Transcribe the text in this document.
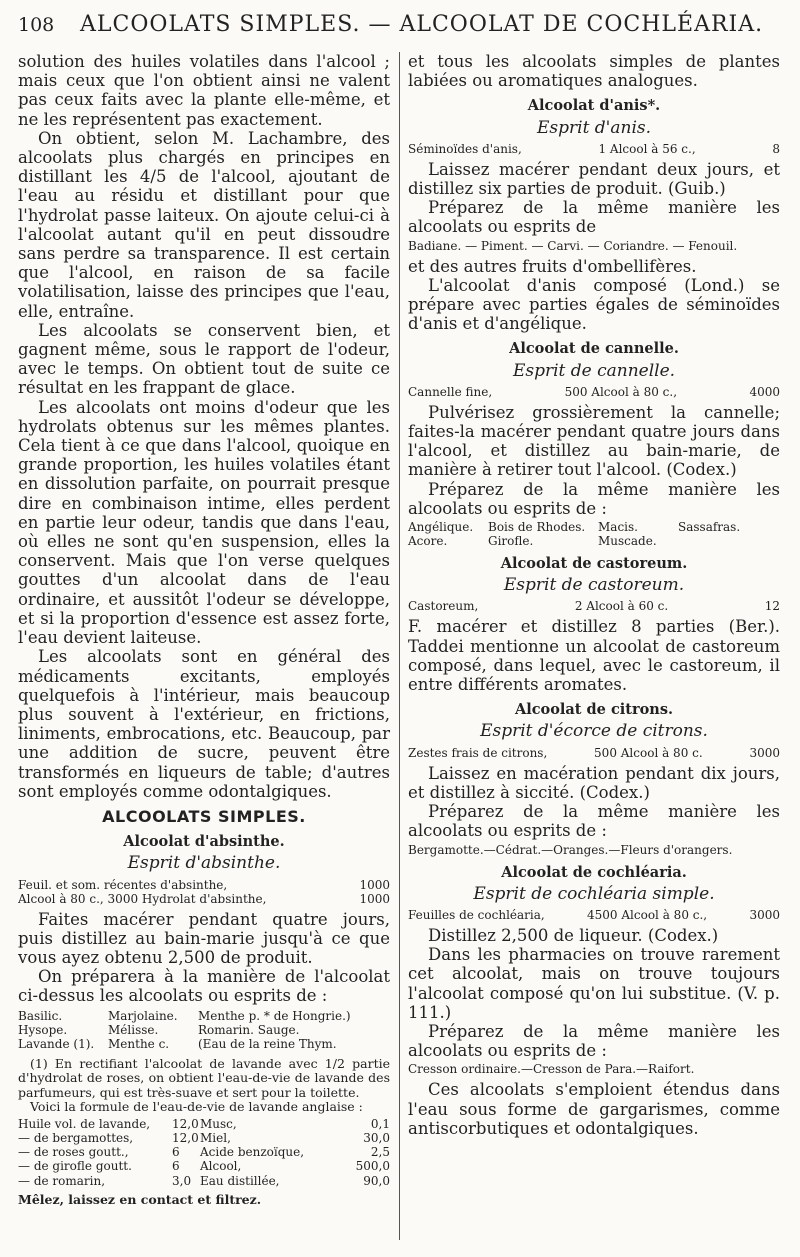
108 ALCOOLATS SIMPLES. — ALCOOLAT DE COCHLÉARIA.

solution des huiles volatiles dans l'alcool ; mais ceux que l'on obtient ainsi ne valent pas ceux faits avec la plante elle-même, et ne les représentent pas exactement.

On obtient, selon M. Lachambre, des alcoolats plus chargés en principes en distillant les 4/5 de l'alcool, ajoutant de l'eau au résidu et distillant pour que l'hydrolat passe laiteux. On ajoute celui-ci à l'alcoolat autant qu'il en peut dissoudre sans perdre sa transparence. Il est certain que l'alcool, en raison de sa facile volatilisation, laisse des principes que l'eau, elle, entraîne.

Les alcoolats se conservent bien, et gagnent même, sous le rapport de l'odeur, avec le temps. On obtient tout de suite ce résultat en les frappant de glace.

Les alcoolats ont moins d'odeur que les hydrolats obtenus sur les mêmes plantes. Cela tient à ce que dans l'alcool, quoique en grande proportion, les huiles volatiles étant en dissolution parfaite, on pourrait presque dire en combinaison intime, elles perdent en partie leur odeur, tandis que dans l'eau, où elles ne sont qu'en suspension, elles la conservent. Mais que l'on verse quelques gouttes d'un alcoolat dans de l'eau ordinaire, et aussitôt l'odeur se développe, et si la proportion d'essence est assez forte, l'eau devient laiteuse.

Les alcoolats sont en général des médicaments excitants, employés quelquefois à l'intérieur, mais beaucoup plus souvent à l'extérieur, en frictions, liniments, embrocations, etc. Beaucoup, par une addition de sucre, peuvent être transformés en liqueurs de table; d'autres sont employés comme odontalgiques.

ALCOOLATS SIMPLES.
Alcoolat d'absinthe.
Esprit d'absinthe.
Feuil. et som. récentes d'absinthe,	1000
Alcool à 80 c., 3000 Hydrolat d'absinthe,	1000

Faites macérer pendant quatre jours, puis distillez au bain-marie jusqu'à ce que vous ayez obtenu 2,500 de produit.

On préparera à la manière de l'alcoolat ci-dessus les alcoolats ou esprits de :

Basilic.	Marjolaine.	Menthe p. * de Hongrie.)
Hysope.	Mélisse.	Romarin. Sauge.
Lavande (1).	Menthe c.	(Eau de la reine Thym.

(1) En rectifiant l'alcoolat de lavande avec 1/2 partie d'hydrolat de roses, on obtient l'eau-de-vie de lavande des parfumeurs, qui est très-suave et sert pour la toilette.

Voici la formule de l'eau-de-vie de lavande anglaise :

Huile vol. de lavande,	12,0 Musc,	0,1
— de bergamottes,	12,0 Miel,	30,0
— de roses goutt.,	6	Acide benzoïque,	2,5
— de girofle goutt.	6	Alcool,	500,0
— de romarin,	3,0 Eau distillée,	90,0
Mêlez, laissez en contact et filtrez.

et tous les alcoolats simples de plantes labiées ou aromatiques analogues.

Alcoolat d'anis*.
Esprit d'anis.
Séminoïdes d'anis,	1 Alcool à 56 c.,	8

Laissez macérer pendant deux jours, et distillez six parties de produit. (Guib.)

Préparez de la même manière les alcoolats ou esprits de

Badiane. — Piment. — Carvi. — Coriandre. — Fenouil.

et des autres fruits d'ombellifères.

L'alcoolat d'anis composé (Lond.) se prépare avec parties égales de séminoïdes d'anis et d'angélique.

Alcoolat de cannelle.
Esprit de cannelle.
Cannelle fine,	500 Alcool à 80 c.,	4000

Pulvérisez grossièrement la cannelle; faites-la macérer pendant quatre jours dans l'alcool, et distillez au bain-marie, de manière à retirer tout l'alcool. (Codex.)

Préparez de la même manière les alcoolats ou esprits de :

Angélique.	Bois de Rhodes.	Macis.	Sassafras.
Acore.	Girofle.	Muscade.
Alcoolat de castoreum.
Esprit de castoreum.
Castoreum,	2 Alcool à 60 c.	12

F. macérer et distillez 8 parties (Ber.). Taddei mentionne un alcoolat de castoreum composé, dans lequel, avec le castoreum, il entre différents aromates.

Alcoolat de citrons.
Esprit d'écorce de citrons.
Zestes frais de citrons,	500 Alcool à 80 c.	3000

Laissez en macération pendant dix jours, et distillez à siccité. (Codex.)

Préparez de la même manière les alcoolats ou esprits de :

Bergamotte.—Cédrat.—Oranges.—Fleurs d'orangers.
Alcoolat de cochléaria.
Esprit de cochléaria simple.
Feuilles de cochléaria,	4500 Alcool à 80 c.,	3000

Distillez 2,500 de liqueur. (Codex.)

Dans les pharmacies on trouve rarement cet alcoolat, mais on trouve toujours l'alcoolat composé qu'on lui substitue. (V. p. 111.)

Préparez de la même manière les alcoolats ou esprits de :

Cresson ordinaire.—Cresson de Para.—Raifort.

Ces alcoolats s'emploient étendus dans l'eau sous forme de gargarismes, comme antiscorbutiques et odontalgiques.
